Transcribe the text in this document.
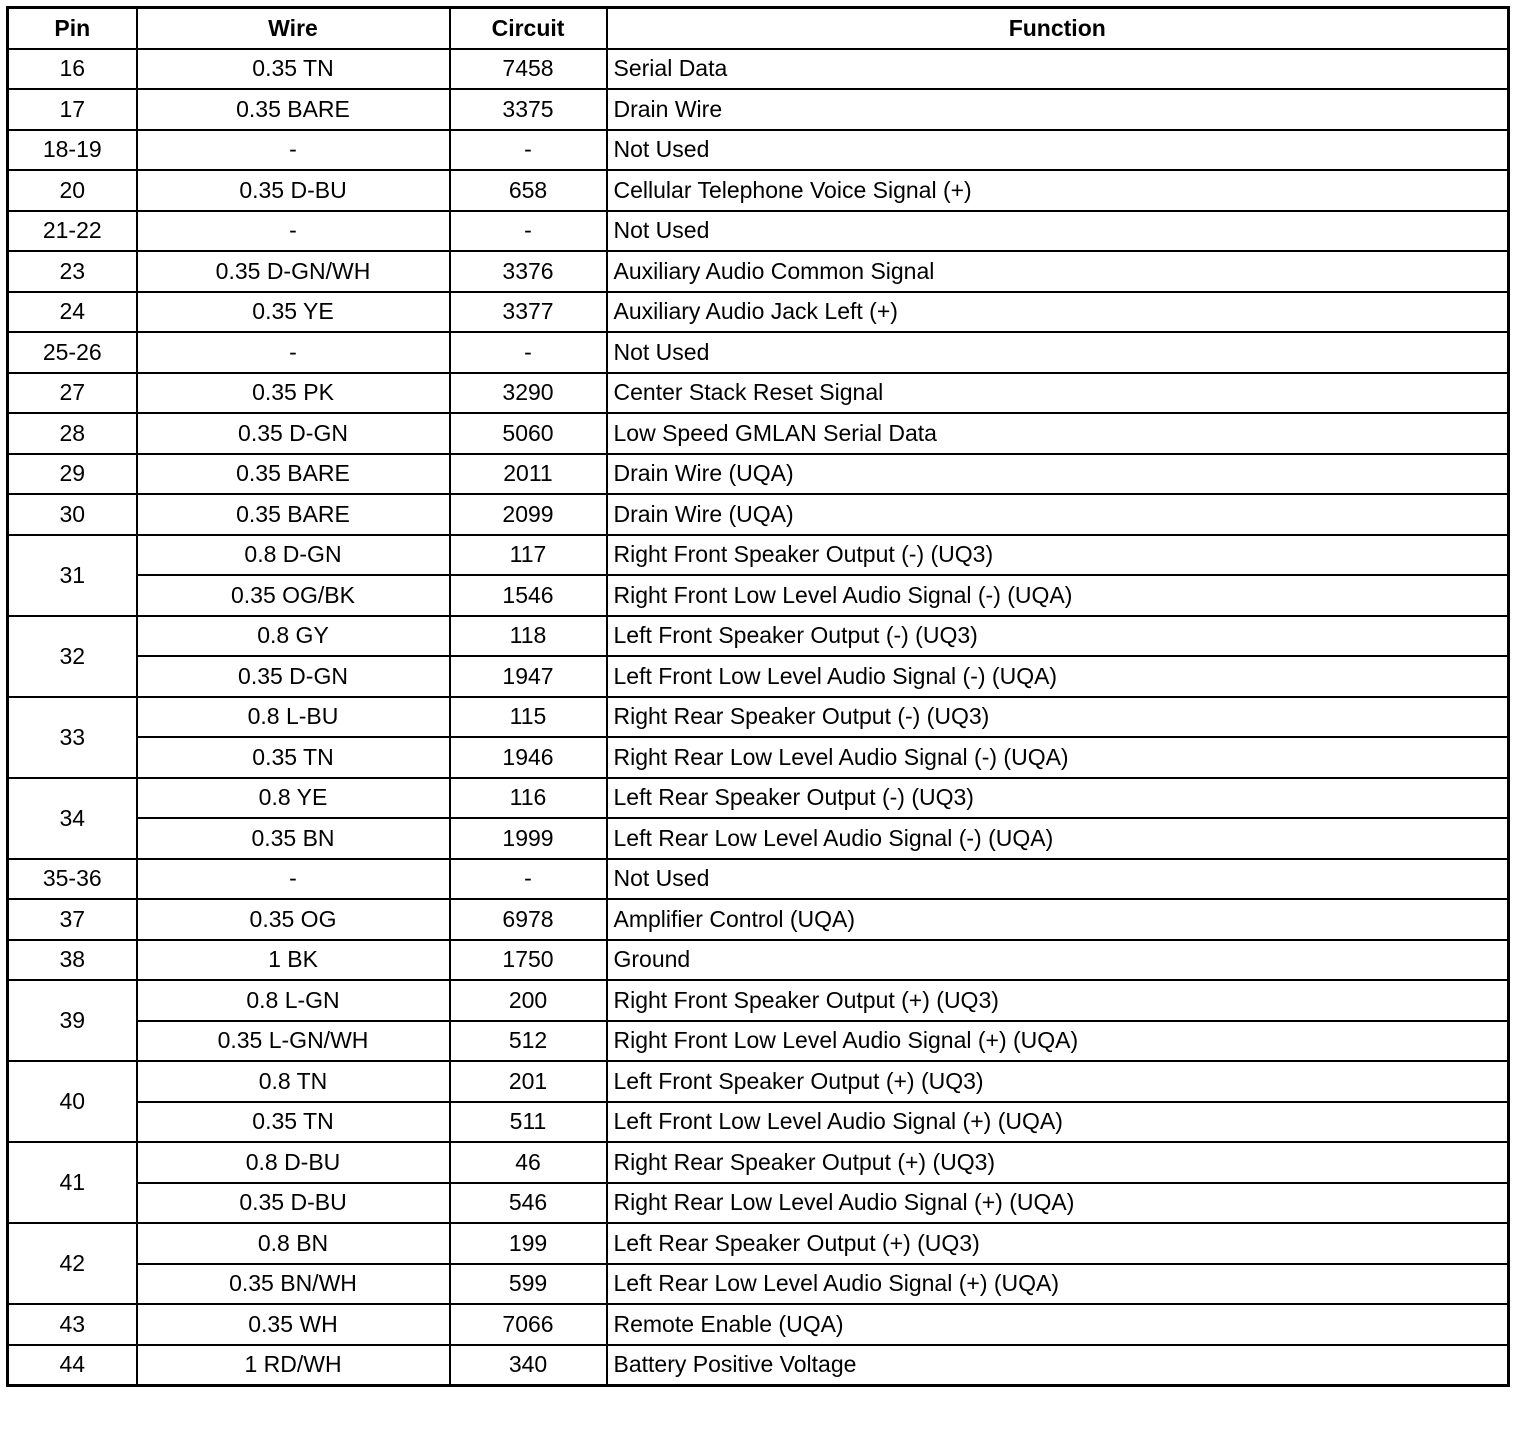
Pin	Wire	Circuit	Function
16	0.35 TN	7458	Serial Data
17	0.35 BARE	3375	Drain Wire
18-19	-	-	Not Used
20	0.35 D-BU	658	Cellular Telephone Voice Signal (+)
21-22	-	-	Not Used
23	0.35 D-GN/WH	3376	Auxiliary Audio Common Signal
24	0.35 YE	3377	Auxiliary Audio Jack Left (+)
25-26	-	-	Not Used
27	0.35 PK	3290	Center Stack Reset Signal
28	0.35 D-GN	5060	Low Speed GMLAN Serial Data
29	0.35 BARE	2011	Drain Wire (UQA)
30	0.35 BARE	2099	Drain Wire (UQA)
31	0.8 D-GN	117	Right Front Speaker Output (-) (UQ3)
	0.35 OG/BK	1546	Right Front Low Level Audio Signal (-) (UQA)
32	0.8 GY	118	Left Front Speaker Output (-) (UQ3)
	0.35 D-GN	1947	Left Front Low Level Audio Signal (-) (UQA)
33	0.8 L-BU	115	Right Rear Speaker Output (-) (UQ3)
	0.35 TN	1946	Right Rear Low Level Audio Signal (-) (UQA)
34	0.8 YE	116	Left Rear Speaker Output (-) (UQ3)
	0.35 BN	1999	Left Rear Low Level Audio Signal (-) (UQA)
35-36	-	-	Not Used
37	0.35 OG	6978	Amplifier Control (UQA)
38	1 BK	1750	Ground
39	0.8 L-GN	200	Right Front Speaker Output (+) (UQ3)
	0.35 L-GN/WH	512	Right Front Low Level Audio Signal (+) (UQA)
40	0.8 TN	201	Left Front Speaker Output (+) (UQ3)
	0.35 TN	511	Left Front Low Level Audio Signal (+) (UQA)
41	0.8 D-BU	46	Right Rear Speaker Output (+) (UQ3)
	0.35 D-BU	546	Right Rear Low Level Audio Signal (+) (UQA)
42	0.8 BN	199	Left Rear Speaker Output (+) (UQ3)
	0.35 BN/WH	599	Left Rear Low Level Audio Signal (+) (UQA)
43	0.35 WH	7066	Remote Enable (UQA)
44	1 RD/WH	340	Battery Positive Voltage
